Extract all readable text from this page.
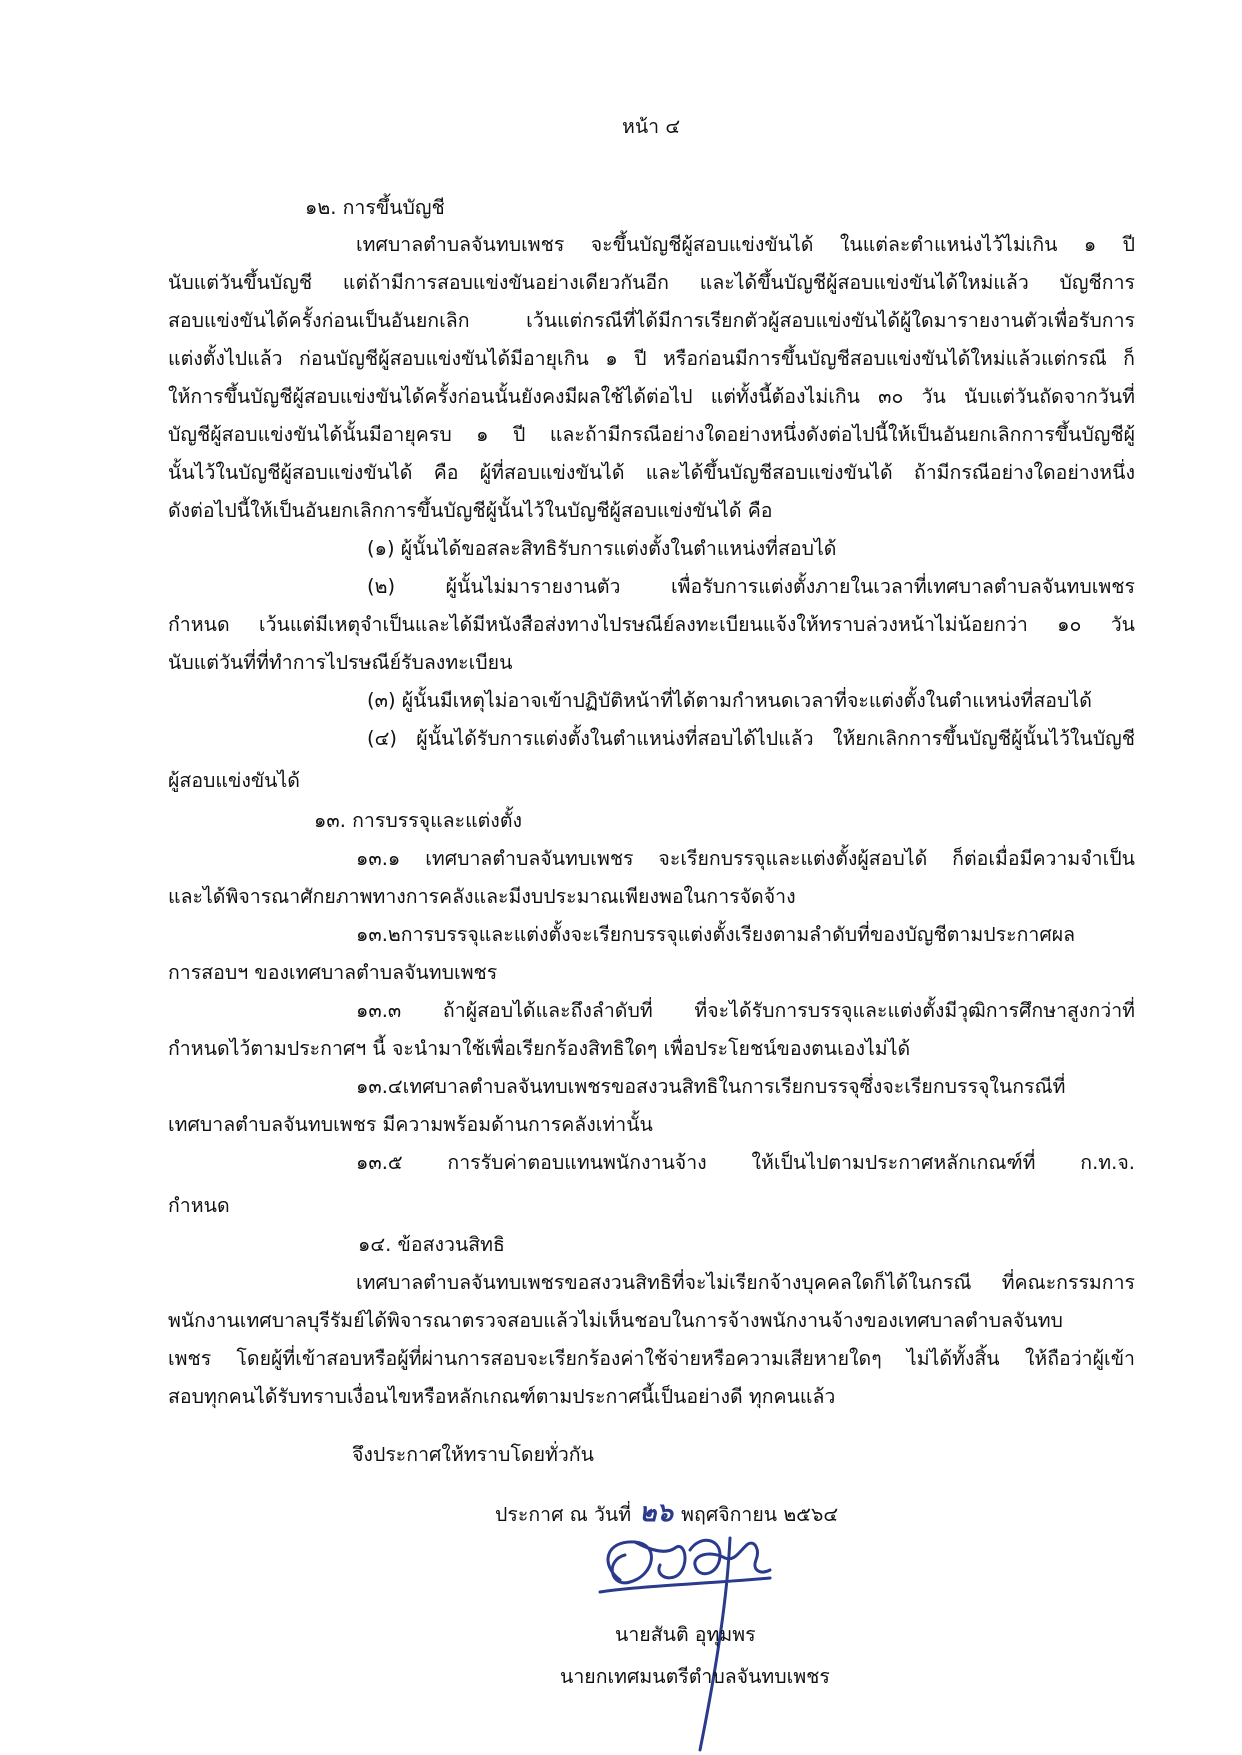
หน้า ๔
๑๒. การขึ้นบัญชี
เทศบาลตำบลจันทบเพชร จะขึ้นบัญชีผู้สอบแข่งขันได้ ในแต่ละตำแหน่งไว้ไม่เกิน ๑ ปี
นับแต่วันขึ้นบัญชี แต่ถ้ามีการสอบแข่งขันอย่างเดียวกันอีก และได้ขึ้นบัญชีผู้สอบแข่งขันได้ใหม่แล้ว บัญชีการ
สอบแข่งขันได้ครั้งก่อนเป็นอันยกเลิก เว้นแต่กรณีที่ได้มีการเรียกตัวผู้สอบแข่งขันได้ผู้ใดมารายงานตัวเพื่อรับการ
แต่งตั้งไปแล้ว ก่อนบัญชีผู้สอบแข่งขันได้มีอายุเกิน ๑ ปี หรือก่อนมีการขึ้นบัญชีสอบแข่งขันได้ใหม่แล้วแต่กรณี ก็
ให้การขึ้นบัญชีผู้สอบแข่งขันได้ครั้งก่อนนั้นยังคงมีผลใช้ได้ต่อไป แต่ทั้งนี้ต้องไม่เกิน ๓๐ วัน นับแต่วันถัดจากวันที่
บัญชีผู้สอบแข่งขันได้นั้นมีอายุครบ ๑ ปี และถ้ามีกรณีอย่างใดอย่างหนึ่งดังต่อไปนี้ให้เป็นอันยกเลิกการขึ้นบัญชีผู้
นั้นไว้ในบัญชีผู้สอบแข่งขันได้ คือ ผู้ที่สอบแข่งขันได้ และได้ขึ้นบัญชีสอบแข่งขันได้ ถ้ามีกรณีอย่างใดอย่างหนึ่ง
ดังต่อไปนี้ให้เป็นอันยกเลิกการขึ้นบัญชีผู้นั้นไว้ในบัญชีผู้สอบแข่งขันได้ คือ
(๑) ผู้นั้นได้ขอสละสิทธิรับการแต่งตั้งในตำแหน่งที่สอบได้
(๒) ผู้นั้นไม่มารายงานตัว เพื่อรับการแต่งตั้งภายในเวลาที่เทศบาลตำบลจันทบเพชร
กำหนด เว้นแต่มีเหตุจำเป็นและได้มีหนังสือส่งทางไปรษณีย์ลงทะเบียนแจ้งให้ทราบล่วงหน้าไม่น้อยกว่า ๑๐ วัน
นับแต่วันที่ที่ทำการไปรษณีย์รับลงทะเบียน
(๓) ผู้นั้นมีเหตุไม่อาจเข้าปฏิบัติหน้าที่ได้ตามกำหนดเวลาที่จะแต่งตั้งในตำแหน่งที่สอบได้
(๔) ผู้นั้นได้รับการแต่งตั้งในตำแหน่งที่สอบได้ไปแล้ว ให้ยกเลิกการขึ้นบัญชีผู้นั้นไว้ในบัญชี
ผู้สอบแข่งขันได้
๑๓. การบรรจุและแต่งตั้ง
๑๓.๑ เทศบาลตำบลจันทบเพชร จะเรียกบรรจุและแต่งตั้งผู้สอบได้ ก็ต่อเมื่อมีความจำเป็น
และได้พิจารณาศักยภาพทางการคลังและมีงบประมาณเพียงพอในการจัดจ้าง
๑๓.๒การบรรจุและแต่งตั้งจะเรียกบรรจุแต่งตั้งเรียงตามลำดับที่ของบัญชีตามประกาศผล
การสอบฯ ของเทศบาลตำบลจันทบเพชร
๑๓.๓ ถ้าผู้สอบได้และถึงลำดับที่ ที่จะได้รับการบรรจุและแต่งตั้งมีวุฒิการศึกษาสูงกว่าที่
กำหนดไว้ตามประกาศฯ นี้ จะนำมาใช้เพื่อเรียกร้องสิทธิใดๆ เพื่อประโยชน์ของตนเองไม่ได้
๑๓.๔เทศบาลตำบลจันทบเพชรขอสงวนสิทธิในการเรียกบรรจุซึ่งจะเรียกบรรจุในกรณีที่
เทศบาลตำบลจันทบเพชร มีความพร้อมด้านการคลังเท่านั้น
๑๓.๕ การรับค่าตอบแทนพนักงานจ้าง ให้เป็นไปตามประกาศหลักเกณฑ์ที่ ก.ท.จ.
กำหนด
๑๔. ข้อสงวนสิทธิ
เทศบาลตำบลจันทบเพชรขอสงวนสิทธิที่จะไม่เรียกจ้างบุคคลใดก็ได้ในกรณี ที่คณะกรรมการ
พนักงานเทศบาลบุรีรัมย์ได้พิจารณาตรวจสอบแล้วไม่เห็นชอบในการจ้างพนักงานจ้างของเทศบาลตำบลจันทบ
เพชร โดยผู้ที่เข้าสอบหรือผู้ที่ผ่านการสอบจะเรียกร้องค่าใช้จ่ายหรือความเสียหายใดๆ ไม่ได้ทั้งสิ้น ให้ถือว่าผู้เข้า
สอบทุกคนได้รับทราบเงื่อนไขหรือหลักเกณฑ์ตามประกาศนี้เป็นอย่างดี ทุกคนแล้ว
จึงประกาศให้ทราบโดยทั่วกัน
ประกาศ ณ วันที่ ๒๖ พฤศจิกายน ๒๕๖๔
นายสันติ อุทุมพร
นายกเทศมนตรีตำบลจันทบเพชร
